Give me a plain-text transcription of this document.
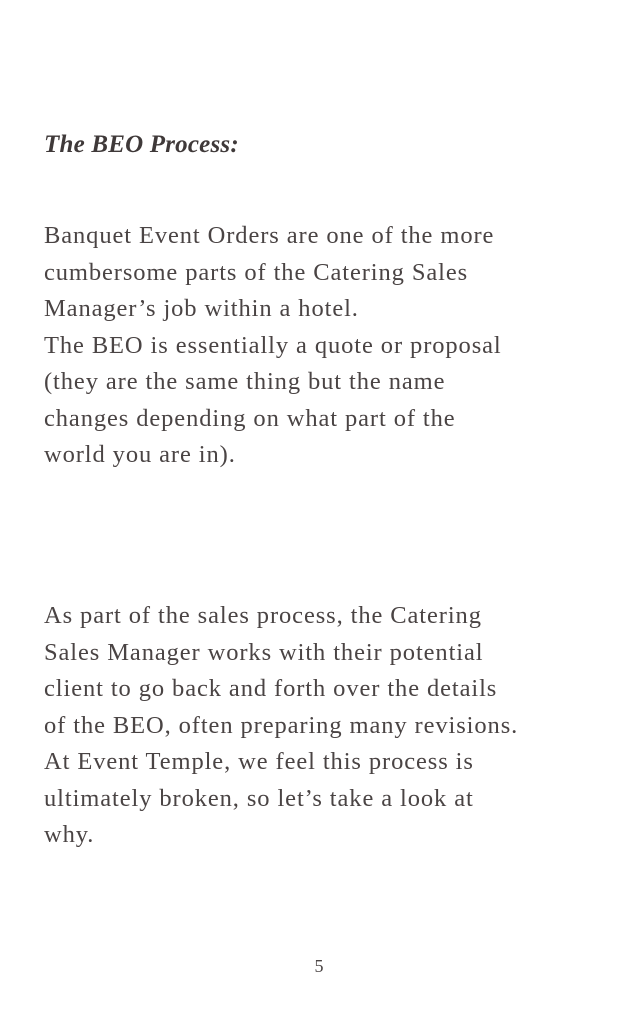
The BEO Process:

Banquet Event Orders are one of the more
cumbersome parts of the Catering Sales
Manager’s job within a hotel.
The BEO is essentially a quote or proposal
(they are the same thing but the name
changes depending on what part of the
world you are in).

As part of the sales process, the Catering
Sales Manager works with their potential
client to go back and forth over the details
of the BEO, often preparing many revisions.
At Event Temple, we feel this process is
ultimately broken, so let’s take a look at
why.

5
